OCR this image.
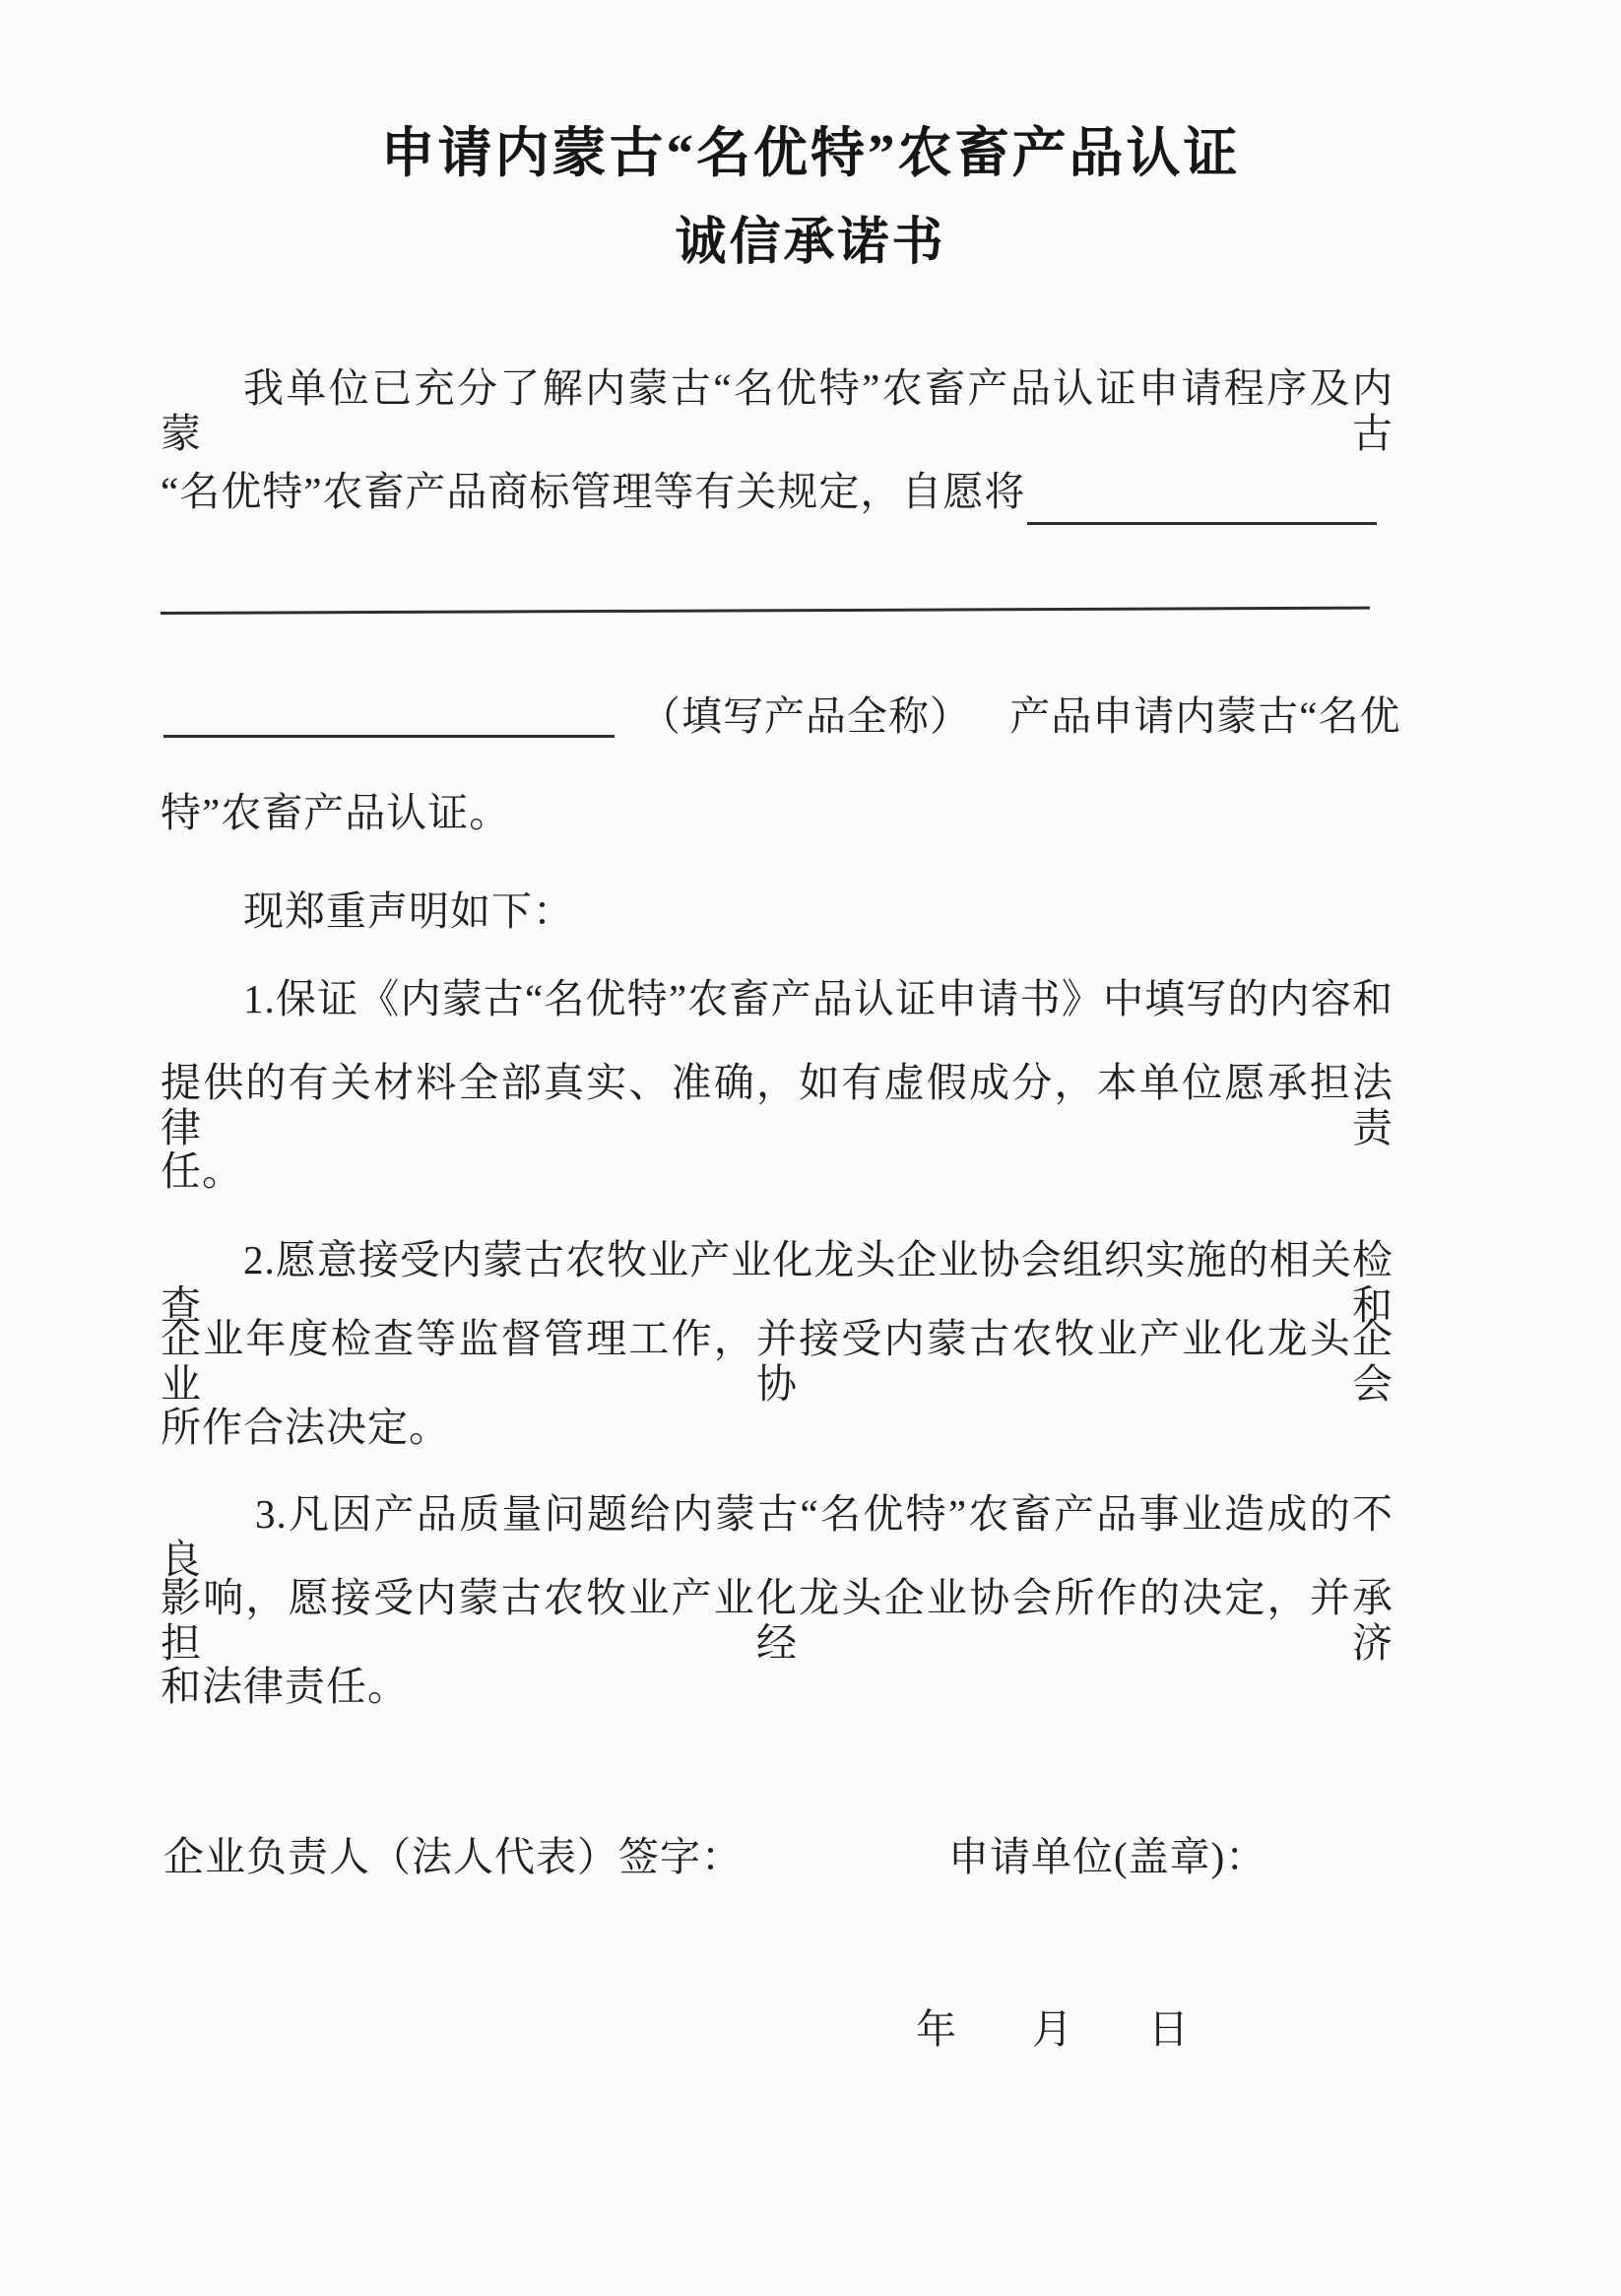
申请内蒙古“名优特”农畜产品认证
诚信承诺书
我单位已充分了解内蒙古“名优特”农畜产品认证申请程序及内蒙古
“名优特”农畜产品商标管理等有关规定，自愿将
（填写产品全称） 产品申请内蒙古“名优
特”农畜产品认证。
现郑重声明如下：
1.保证《内蒙古“名优特”农畜产品认证申请书》中填写的内容和
提供的有关材料全部真实、准确，如有虚假成分，本单位愿承担法律责
任。
2.愿意接受内蒙古农牧业产业化龙头企业协会组织实施的相关检查和
企业年度检查等监督管理工作，并接受内蒙古农牧业产业化龙头企业协会
所作合法决定。
3.凡因产品质量问题给内蒙古“名优特”农畜产品事业造成的不良
影响，愿接受内蒙古农牧业产业化龙头企业协会所作的决定，并承担经济
和法律责任。
企业负责人（法人代表）签字：	申请单位(盖章)：
年 月 日
